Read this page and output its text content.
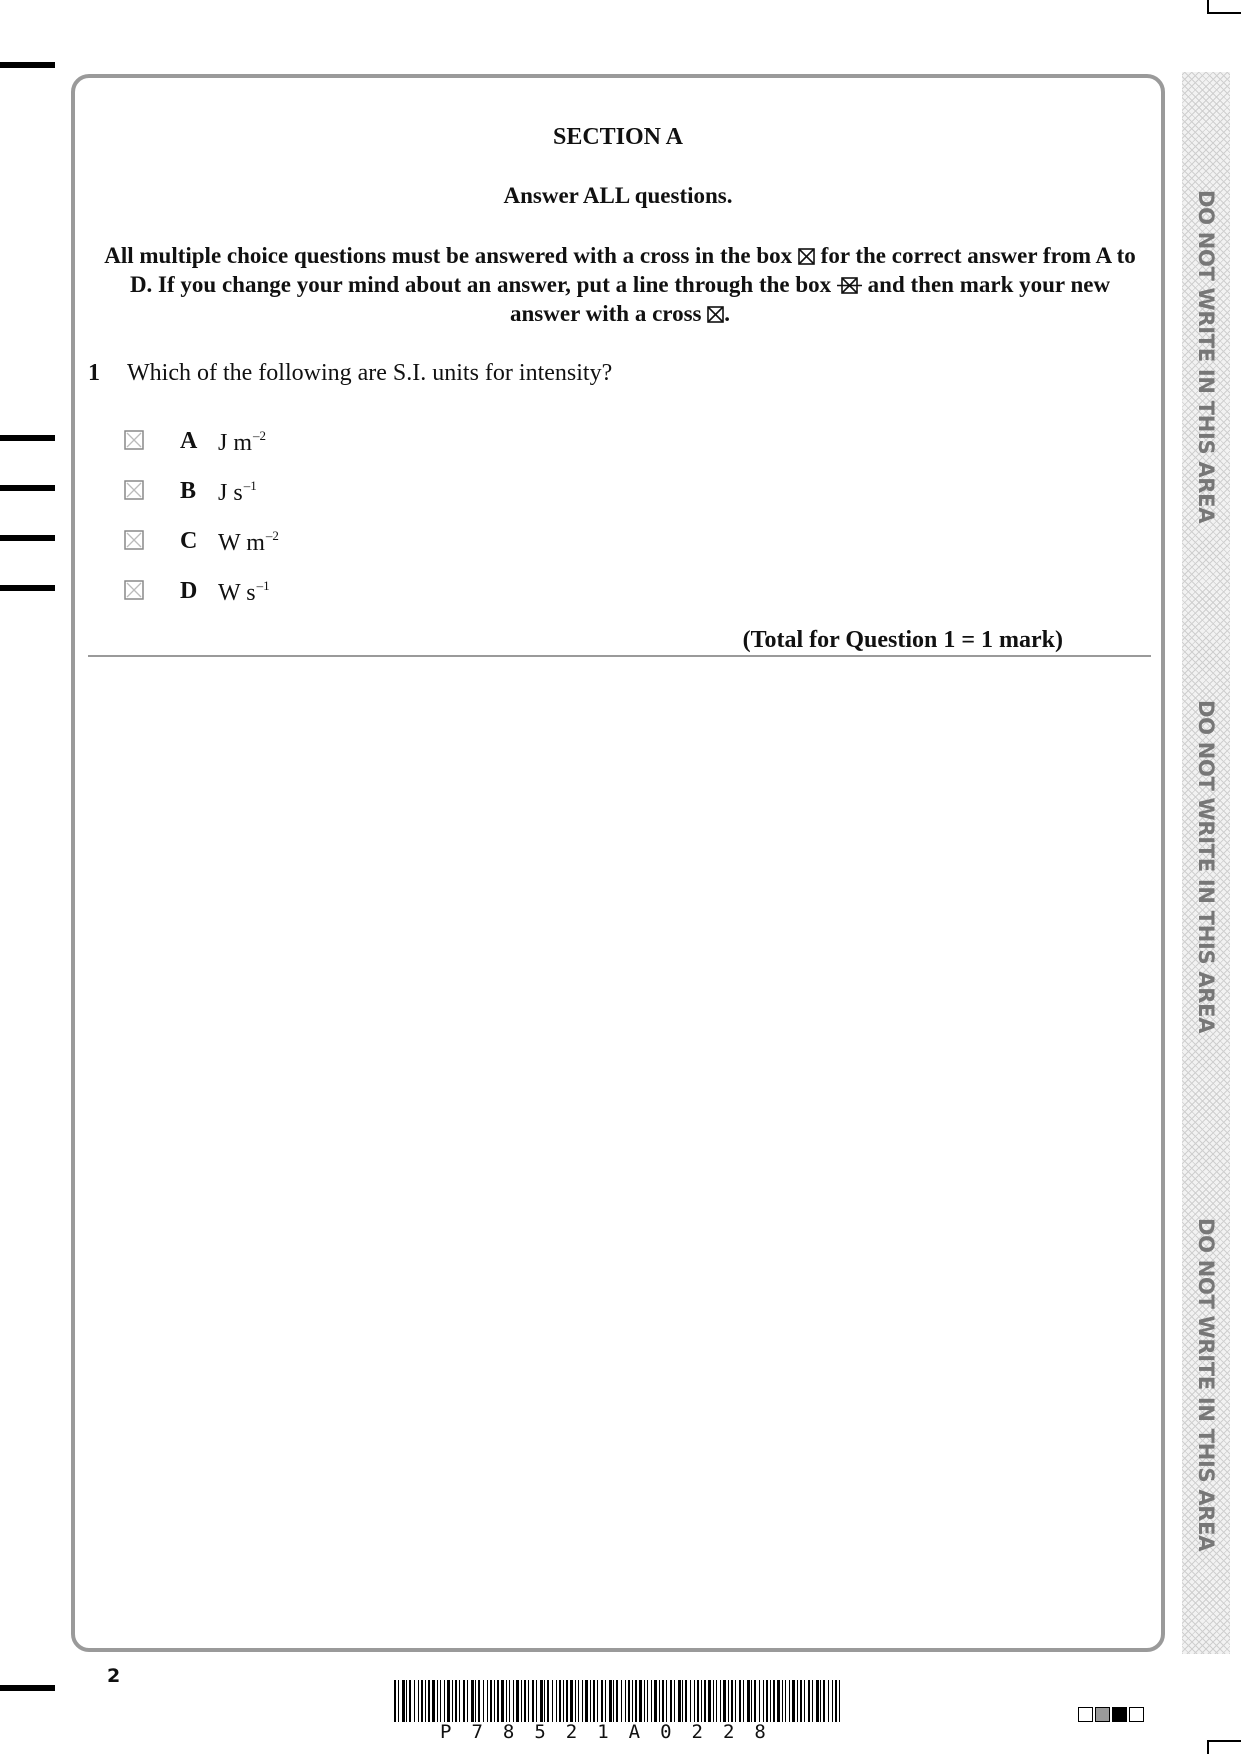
SECTION A
Answer ALL questions.
All multiple choice questions must be answered with a cross in the box ☒ for the correct answer from A to D. If you change your mind about an answer, put a line through the box and then mark your new answer with a cross ☒.
1 Which of the following are S.I. units for intensity?
A J $m^{-2}$
B J $s^{-1}$
C W $m^{-2}$
D W $s^{-1}$
(Total for Question 1 = 1 mark)
DO NOT WRITE IN THIS AREA
DO NOT WRITE IN THIS AREA
DO NOT WRITE IN THIS AREA
2
P78521A0228
